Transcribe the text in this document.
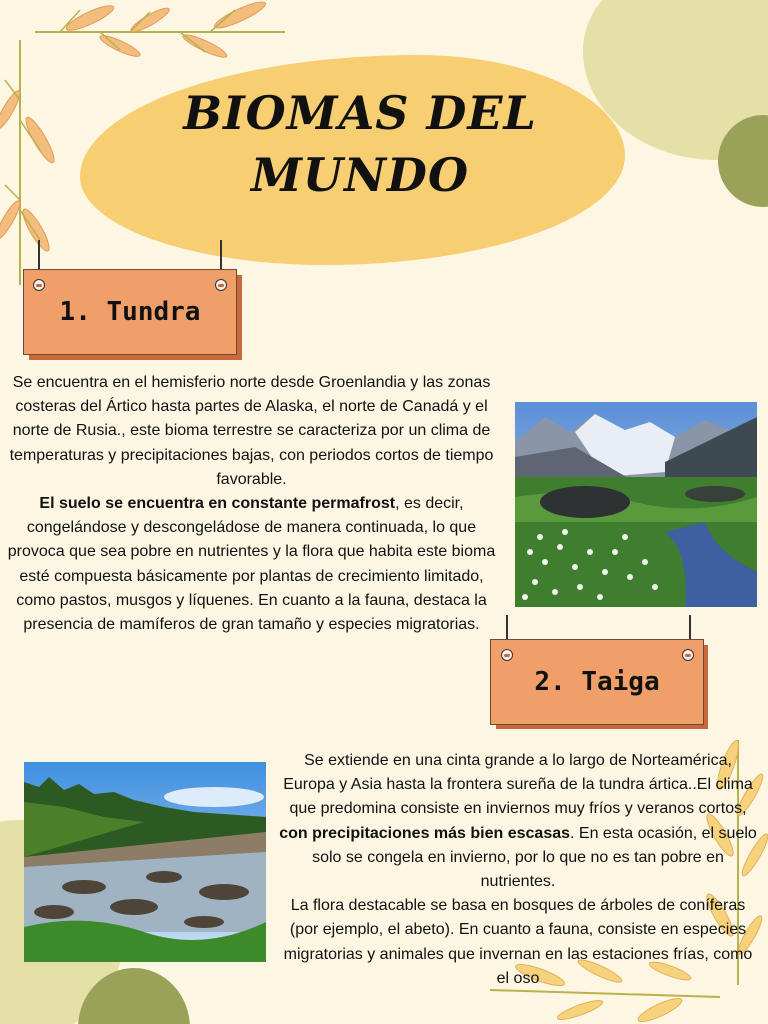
BIOMAS DEL
MUNDO
1. Tundra
Se encuentra en el hemisferio norte desde Groenlandia y las zonas costeras del Ártico hasta partes de Alaska, el norte de Canadá y el norte de Rusia., este bioma terrestre se caracteriza por un clima de temperaturas y precipitaciones bajas, con periodos cortos de tiempo favorable.
El suelo se encuentra en constante permafrost, es decir, congelándose y descongeládose de manera continuada, lo que provoca que sea pobre en nutrientes y la flora que habita este bioma esté compuesta básicamente por plantas de crecimiento limitado, como pastos, musgos y líquenes. En cuanto a la fauna, destaca la presencia de mamíferos de gran tamaño y especies migratorias.
2. Taiga
Se extiende en una cinta grande a lo largo de Norteamérica, Europa y Asia hasta la frontera sureña de la tundra ártica..El clima que predomina consiste en inviernos muy fríos y veranos cortos, con precipitaciones más bien escasas. En esta ocasión, el suelo solo se congela en invierno, por lo que no es tan pobre en nutrientes.
La flora destacable se basa en bosques de árboles de coníferas (por ejemplo, el abeto). En cuanto a fauna, consiste en especies migratorias y animales que invernan en las estaciones frías, como el oso
